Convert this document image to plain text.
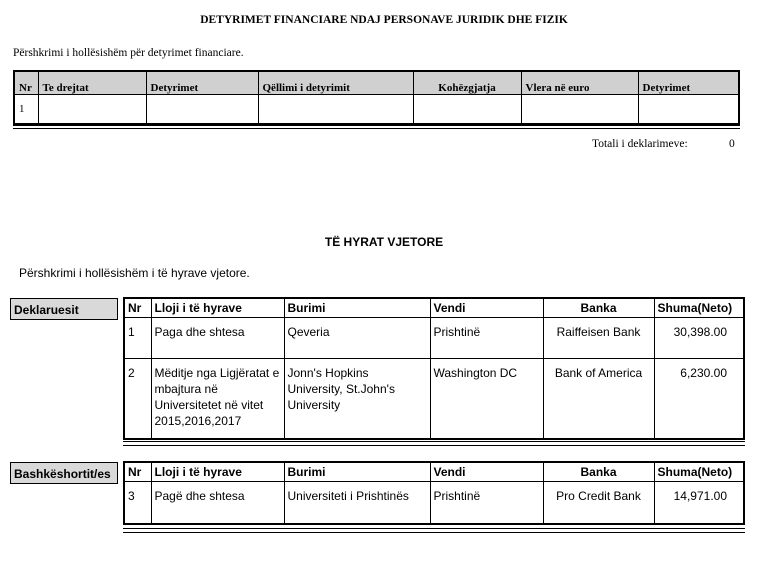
DETYRIMET FINANCIARE NDAJ PERSONAVE JURIDIK DHE FIZIK
Përshkrimi i hollësishëm për detyrimet financiare.
Nr	Te drejtat	Detyrimet	Qëllimi i detyrimit	Kohëzgjatja	Vlera në euro	Detyrimet
1						
Totali i deklarimeve:	0
TË HYRAT VJETORE
Përshkrimi i hollësishëm i të hyrave vjetore.
Deklaruesit	Nr	Lloji i të hyrave	Burimi	Vendi	Banka	Shuma(Neto)
1	Paga dhe shtesa	Qeveria	Prishtinë	Raiffeisen Bank	30,398.00
2	Mëditje nga Ligjëratat e mbajtura në Universitetet në vitet 2015,2016,2017	Jonn's Hopkins University, St.John's University	Washington DC	Bank of America	6,230.00
Bashkëshortit/es	Nr	Lloji i të hyrave	Burimi	Vendi	Banka	Shuma(Neto)
3	Pagë dhe shtesa	Universiteti i Prishtinës	Prishtinë	Pro Credit Bank	14,971.00
